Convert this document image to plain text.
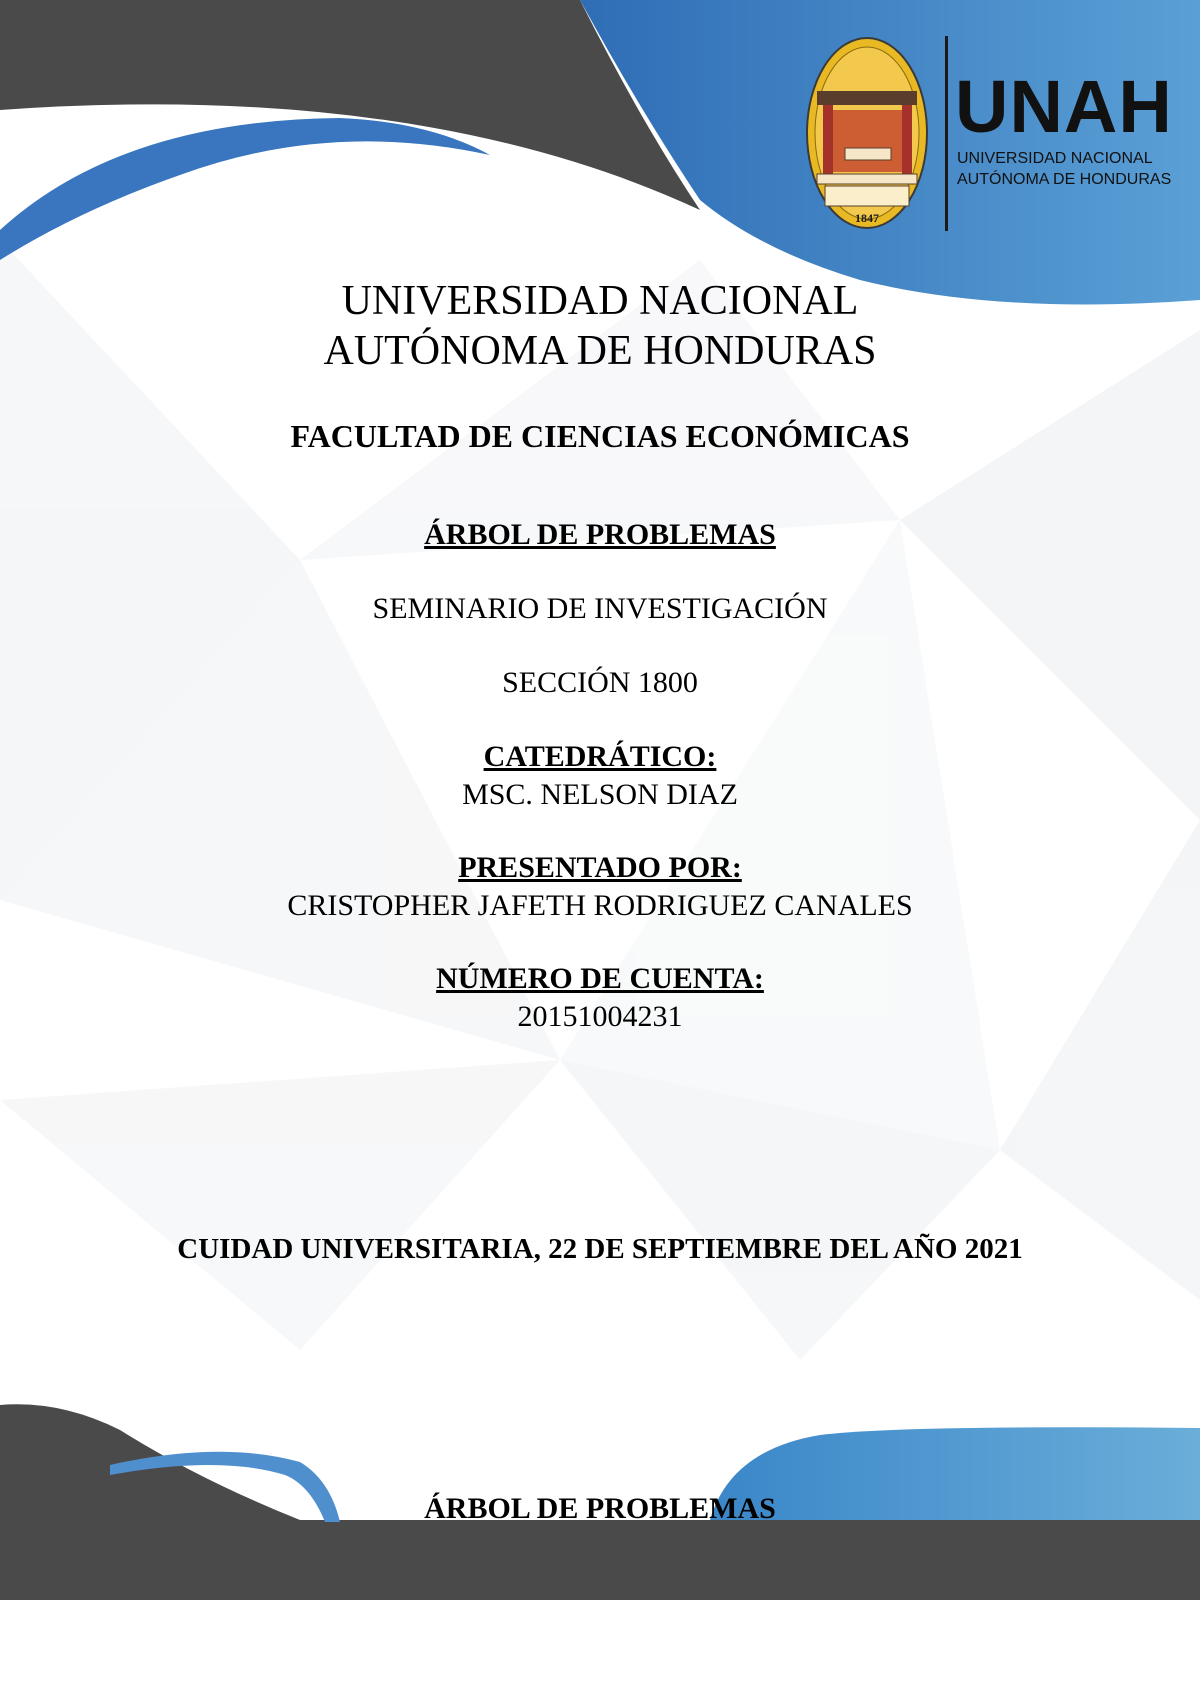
1847
UNAH
UNIVERSIDAD NACIONAL
AUTÓNOMA DE HONDURAS
UNIVERSIDAD NACIONAL
AUTÓNOMA DE HONDURAS
FACULTAD DE CIENCIAS ECONÓMICAS
ÁRBOL DE PROBLEMAS
SEMINARIO DE INVESTIGACIÓN
SECCIÓN 1800
CATEDRÁTICO:
MSC. NELSON DIAZ
PRESENTADO POR:
CRISTOPHER JAFETH RODRIGUEZ CANALES
NÚMERO DE CUENTA:
20151004231
CUIDAD UNIVERSITARIA, 22 DE SEPTIEMBRE DEL AÑO 2021
ÁRBOL DE PROBLEMAS
